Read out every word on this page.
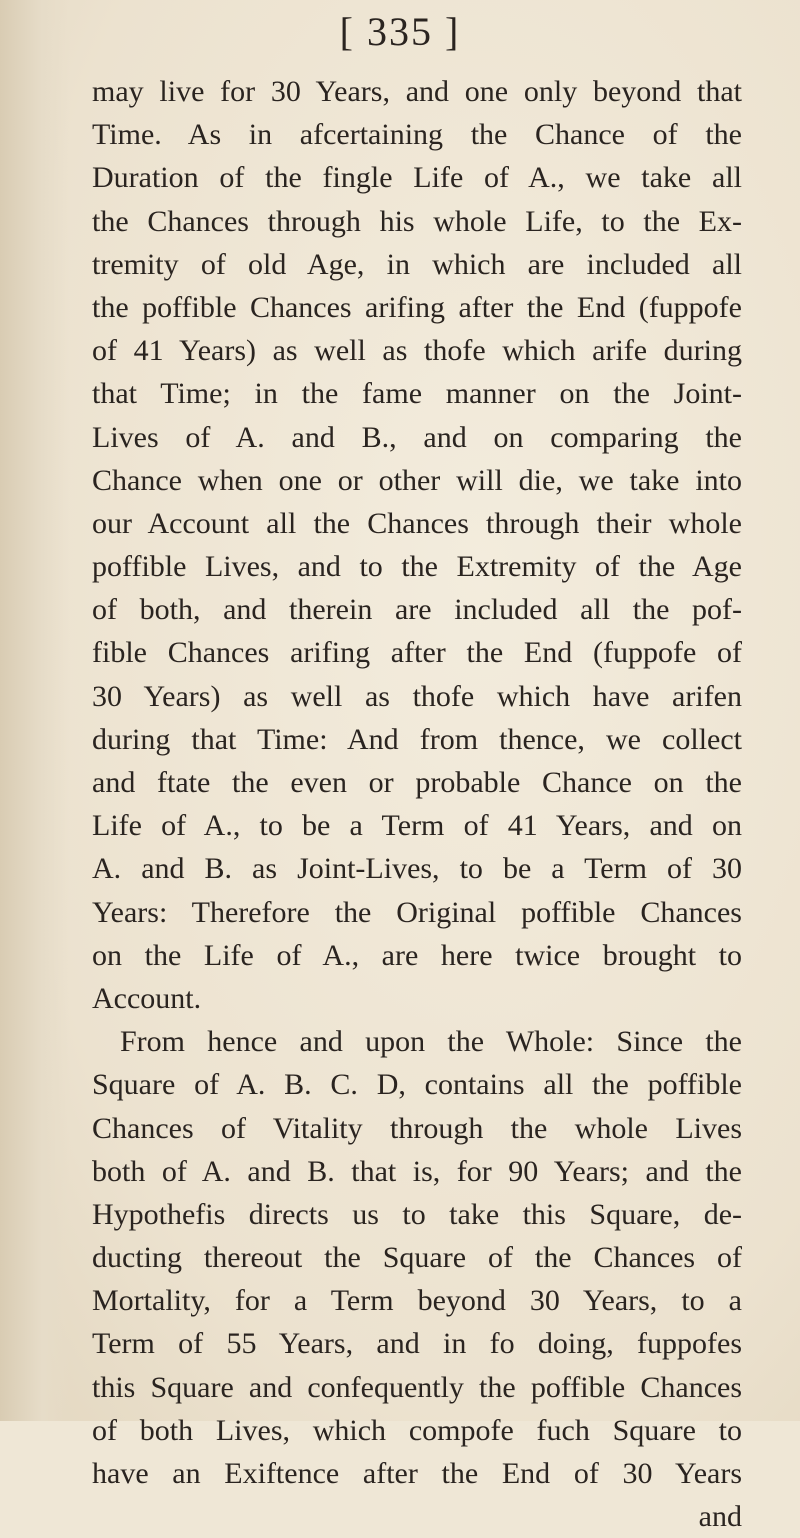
[ 335 ]
may live for 30 Years, and one only beyond that
Time. As in afcertaining the Chance of the
Duration of the fingle Life of A., we take all
the Chances through his whole Life, to the Ex-
tremity of old Age, in which are included all
the poffible Chances arifing after the End (fuppofe
of 41 Years) as well as thofe which arife during
that Time; in the fame manner on the Joint-
Lives of A. and B., and on comparing the
Chance when one or other will die, we take into
our Account all the Chances through their whole
poffible Lives, and to the Extremity of the Age
of both, and therein are included all the pof-
fible Chances arifing after the End (fuppofe of
30 Years) as well as thofe which have arifen
during that Time: And from thence, we collect
and ftate the even or probable Chance on the
Life of A., to be a Term of 41 Years, and on
A. and B. as Joint-Lives, to be a Term of 30
Years: Therefore the Original poffible Chances
on the Life of A., are here twice brought to
Account.
From hence and upon the Whole: Since the
Square of A. B. C. D, contains all the poffible
Chances of Vitality through the whole Lives
both of A. and B. that is, for 90 Years; and the
Hypothefis directs us to take this Square, de-
ducting thereout the Square of the Chances of
Mortality, for a Term beyond 30 Years, to a
Term of 55 Years, and in fo doing, fuppofes
this Square and confequently the poffible Chances
of both Lives, which compofe fuch Square to
have an Exiftence after the End of 30 Years
and
